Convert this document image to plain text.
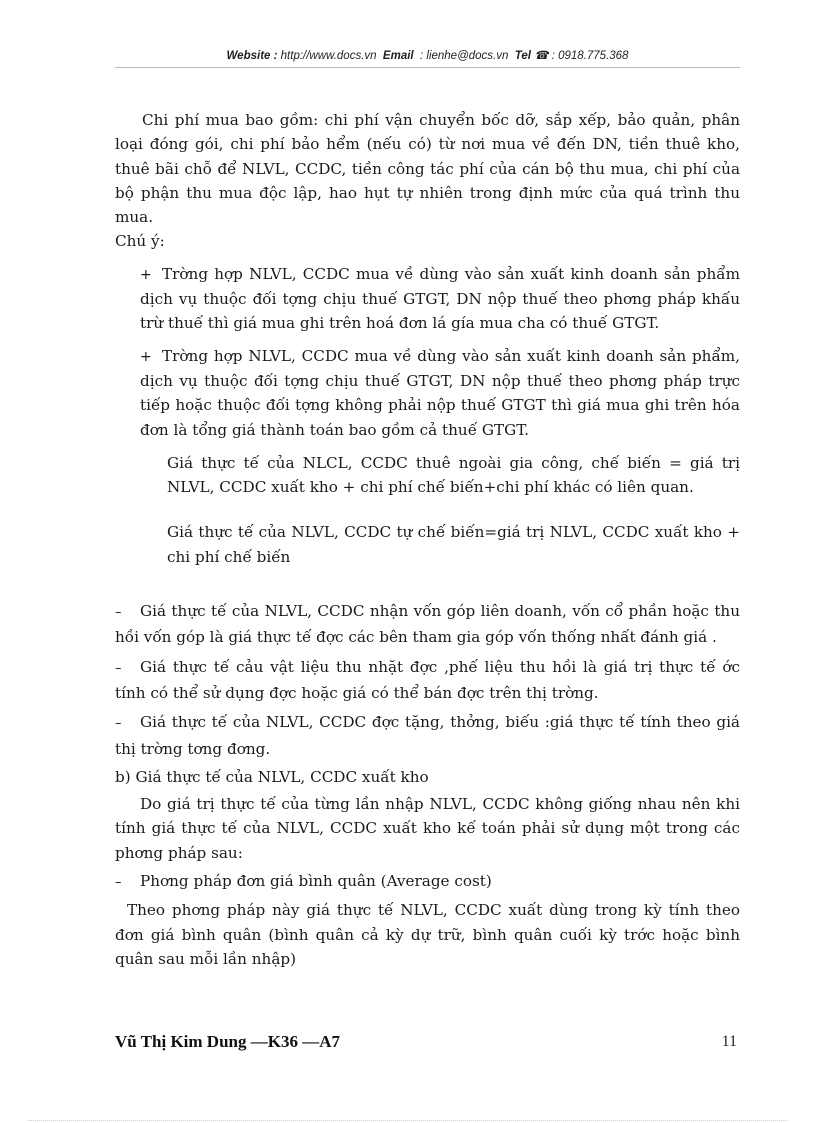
Website : http://www.docs.vn Email : lienhe@docs.vn Tel ☎ : 0918.775.368

Chi phí mua bao gồm: chi phí vận chuyển bốc dỡ, sắp xếp, bảo quản, phân loại đóng gói, chi phí bảo hểm (nếu có) từ nơi mua về đến DN, tiền thuê kho, thuê bãi chỗ để NLVL, CCDC, tiền công tác phí của cán bộ thu mua, chi phí của bộ phận thu mua độc lập, hao hụt tự nhiên trong định mức của quá trình thu mua.

Chú ý:

+ Trờng hợp NLVL, CCDC mua về dùng vào sản xuất kinh doanh sản phẩm dịch vụ thuộc đối tợng chịu thuế GTGT, DN nộp thuế theo phơng pháp khấu trừ thuế thì giá mua ghi trên hoá đơn lá gía mua cha có thuế GTGT.

+ Trờng hợp NLVL, CCDC mua về dùng vào sản xuất kinh doanh sản phẩm, dịch vụ thuộc đối tợng chịu thuế GTGT, DN nộp thuế theo phơng pháp trực tiếp hoặc thuộc đối tợng không phải nộp thuế GTGT thì giá mua ghi trên hóa đơn là tổng giá thành toán bao gồm cả thuế GTGT.

Giá thực tế của NLCL, CCDC thuê ngoài gia công, chế biến = giá trị NLVL, CCDC xuất kho + chi phí chế biến+chi phí khác có liên quan.

Giá thực tế của NLVL, CCDC tự chế biến=giá trị NLVL, CCDC xuất kho + chi phí chế biến

– Giá thực tế của NLVL, CCDC nhận vốn góp liên doanh, vốn cổ phần hoặc thu hồi vốn góp là giá thực tế đợc các bên tham gia góp vốn thống nhất đánh giá .

– Giá thực tế cảu vật liệu thu nhặt đợc ,phế liệu thu hồi là giá trị thực tế ớc tính có thể sử dụng đợc hoặc giá có thể bán đợc trên thị trờng.

– Giá thực tế của NLVL, CCDC đợc tặng, thởng, biếu :giá thực tế tính theo giá thị trờng tơng đơng.

b) Giá thực tế của NLVL, CCDC xuất kho

Do giá trị thực tế của từng lần nhập NLVL, CCDC không giống nhau nên khi tính giá thực tế của NLVL, CCDC xuất kho kế toán phải sử dụng một trong các phơng pháp sau:

– Phơng pháp đơn giá bình quân (Average cost)

Theo phơng pháp này giá thực tế NLVL, CCDC xuất dùng trong kỳ tính theo đơn giá bình quân (bình quân cả kỳ dự trữ, bình quân cuối kỳ trớc hoặc bình quân sau mỗi lần nhập)

Vũ Thị Kim Dung —K36 —A7	11
